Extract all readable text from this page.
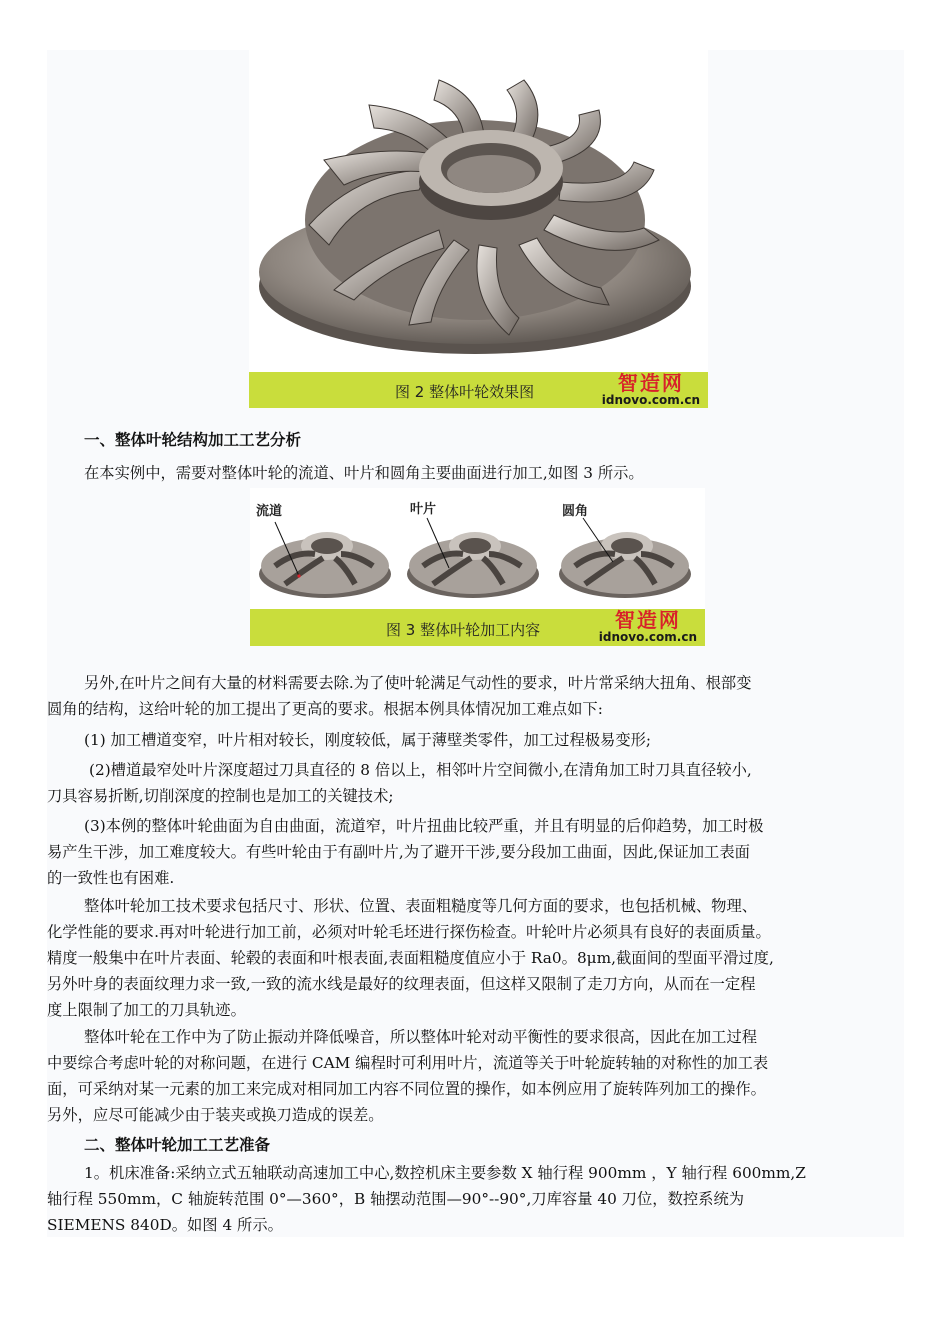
图 2 整体叶轮效果图	智造网
idnovo.com.cn
一、整体叶轮结构加工工艺分析
在本实例中，需要对整体叶轮的流道、叶片和圆角主要曲面进行加工,如图 3 所示。
流道	叶片	圆角
图 3 整体叶轮加工内容	智造网
idnovo.com.cn
另外,在叶片之间有大量的材料需要去除.为了使叶轮满足气动性的要求，叶片常采纳大扭角、根部变
圆角的结构，这给叶轮的加工提出了更高的要求。根据本例具体情况加工难点如下:
(1) 加工槽道变窄，叶片相对较长，刚度较低，属于薄壁类零件，加工过程极易变形;
(2)槽道最窄处叶片深度超过刀具直径的 8 倍以上，相邻叶片空间微小,在清角加工时刀具直径较小,
刀具容易折断,切削深度的控制也是加工的关键技术;
(3)本例的整体叶轮曲面为自由曲面，流道窄，叶片扭曲比较严重，并且有明显的后仰趋势，加工时极
易产生干涉，加工难度较大。有些叶轮由于有副叶片,为了避开干涉,要分段加工曲面，因此,保证加工表面
的一致性也有困难.
整体叶轮加工技术要求包括尺寸、形状、位置、表面粗糙度等几何方面的要求，也包括机械、物理、
化学性能的要求.再对叶轮进行加工前，必须对叶轮毛坯进行探伤检查。叶轮叶片必须具有良好的表面质量。
精度一般集中在叶片表面、轮毂的表面和叶根表面,表面粗糙度值应小于 Ra0。8μm,截面间的型面平滑过度,
另外叶身的表面纹理力求一致,一致的流水线是最好的纹理表面，但这样又限制了走刀方向，从而在一定程
度上限制了加工的刀具轨迹。
整体叶轮在工作中为了防止振动并降低噪音，所以整体叶轮对动平衡性的要求很高，因此在加工过程
中要综合考虑叶轮的对称问题，在进行 CAM 编程时可利用叶片，流道等关于叶轮旋转轴的对称性的加工表
面，可采纳对某一元素的加工来完成对相同加工内容不同位置的操作，如本例应用了旋转阵列加工的操作。
另外，应尽可能减少由于装夹或换刀造成的误差。
二、整体叶轮加工工艺准备
1。机床准备:采纳立式五轴联动高速加工中心,数控机床主要参数 X 轴行程 900mm ，Y 轴行程 600mm,Z
轴行程 550mm，C 轴旋转范围 0°—360°，B 轴摆动范围—90°--90°,刀库容量 40 刀位，数控系统为
SIEMENS 840D。如图 4 所示。
